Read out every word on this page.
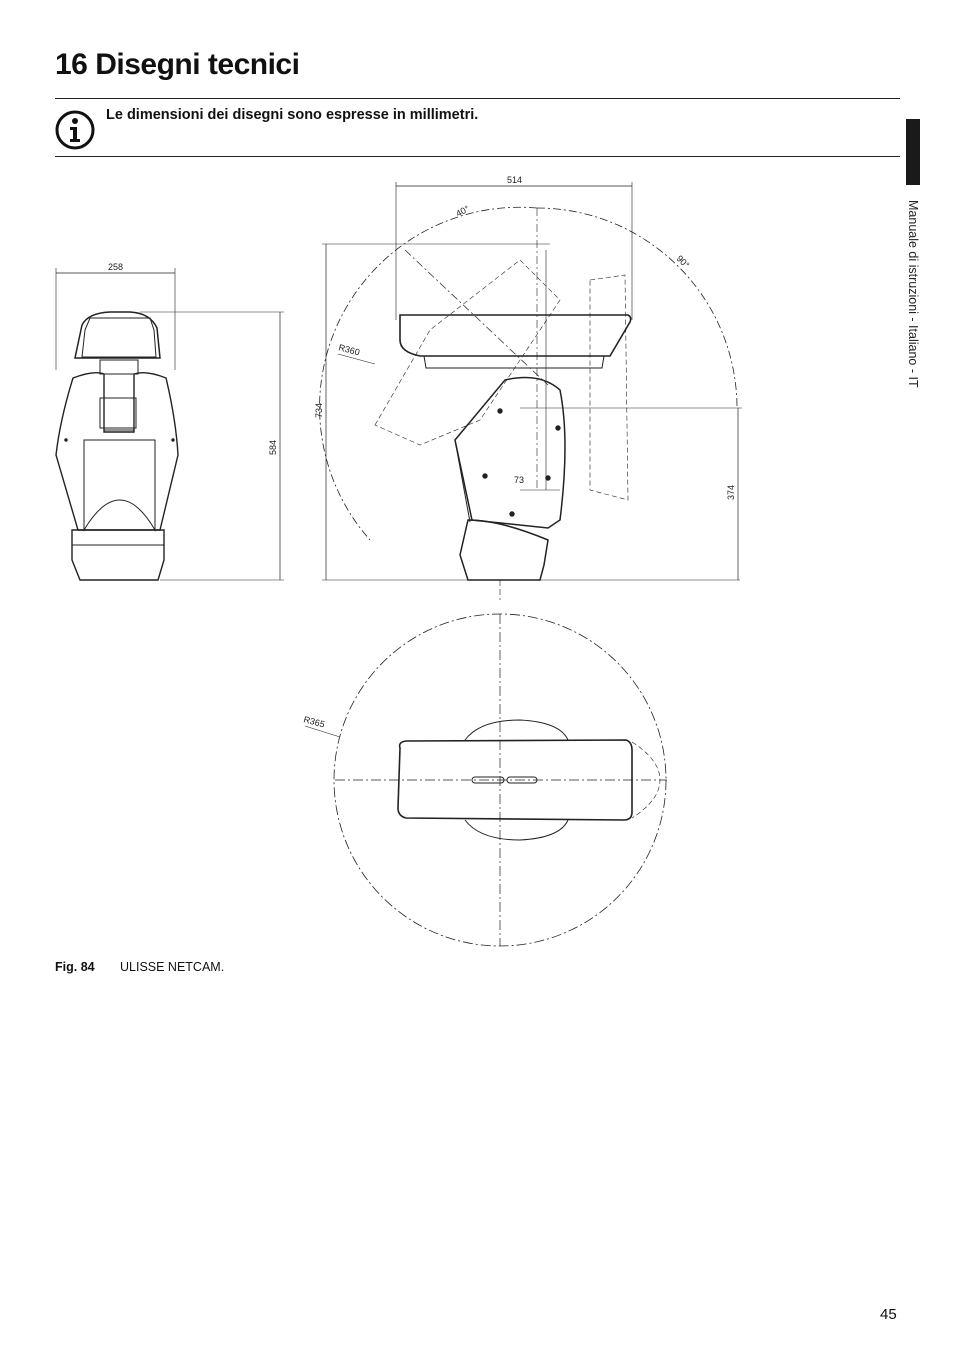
16 Disegni tecnici
Le dimensioni dei disegni sono espresse in millimetri.
Manuale di istruzioni - Italiano - IT
258
584
514
734
40°
90°
R360
73
374
R365
Fig. 84 ULISSE NETCAM.
45
